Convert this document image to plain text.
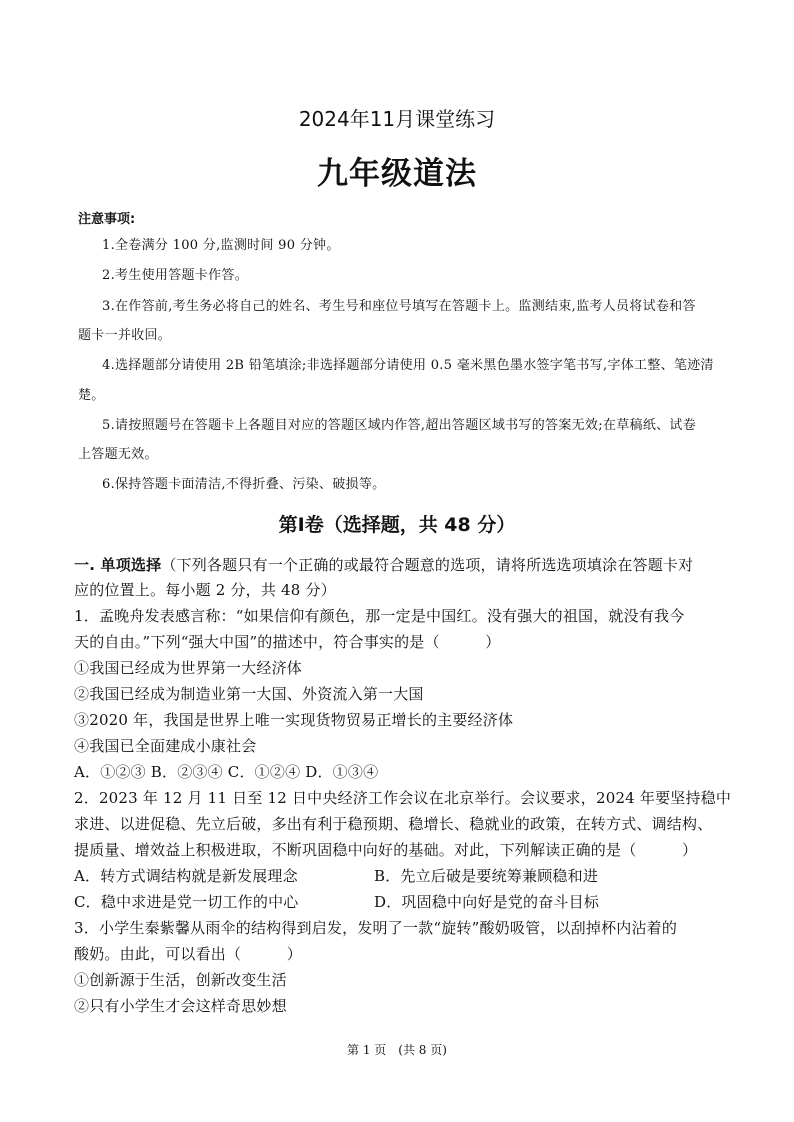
2024年11月课堂练习
九年级道法
注意事项:
1.全卷满分 100 分,监测时间 90 分钟。
2.考生使用答题卡作答。
3.在作答前,考生务必将自己的姓名、考生号和座位号填写在答题卡上。监测结束,监考人员将试卷和答
题卡一并收回。
4.选择题部分请使用 2B 铅笔填涂;非选择题部分请使用 0.5 毫米黑色墨水签字笔书写,字体工整、笔迹清
楚。
5.请按照题号在答题卡上各题目对应的答题区域内作答,超出答题区域书写的答案无效;在草稿纸、试卷
上答题无效。
6.保持答题卡面清洁,不得折叠、污染、破损等。
第Ⅰ卷（选择题，共 48 分）
一. 单项选择（下列各题只有一个正确的或最符合题意的选项，请将所选选项填涂在答题卡对
应的位置上。每小题 2 分，共 48 分）
1．孟晚舟发表感言称：“如果信仰有颜色，那一定是中国红。没有强大的祖国，就没有我今
天的自由。”下列“强大中国”的描述中，符合事实的是（　　　）
①我国已经成为世界第一大经济体
②我国已经成为制造业第一大国、外资流入第一大国
③2020 年，我国是世界上唯一实现货物贸易正增长的主要经济体
④我国已全面建成小康社会
A．①②③ B．②③④ C．①②④ D．①③④
2．2023 年 12 月 11 日至 12 日中央经济工作会议在北京举行。会议要求，2024 年要坚持稳中
求进、以进促稳、先立后破，多出有利于稳预期、稳增长、稳就业的政策，在转方式、调结构、
提质量、增效益上积极进取，不断巩固稳中向好的基础。对此，下列解读正确的是（　　　）
A．转方式调结构就是新发展理念	B．先立后破是要统筹兼顾稳和进
C．稳中求进是党一切工作的中心	D．巩固稳中向好是党的奋斗目标
3．小学生秦紫馨从雨伞的结构得到启发，发明了一款“旋转”酸奶吸管，以刮掉杯内沾着的
酸奶。由此，可以看出（　　　）
①创新源于生活，创新改变生活
②只有小学生才会这样奇思妙想
第 1 页　(共 8 页)
